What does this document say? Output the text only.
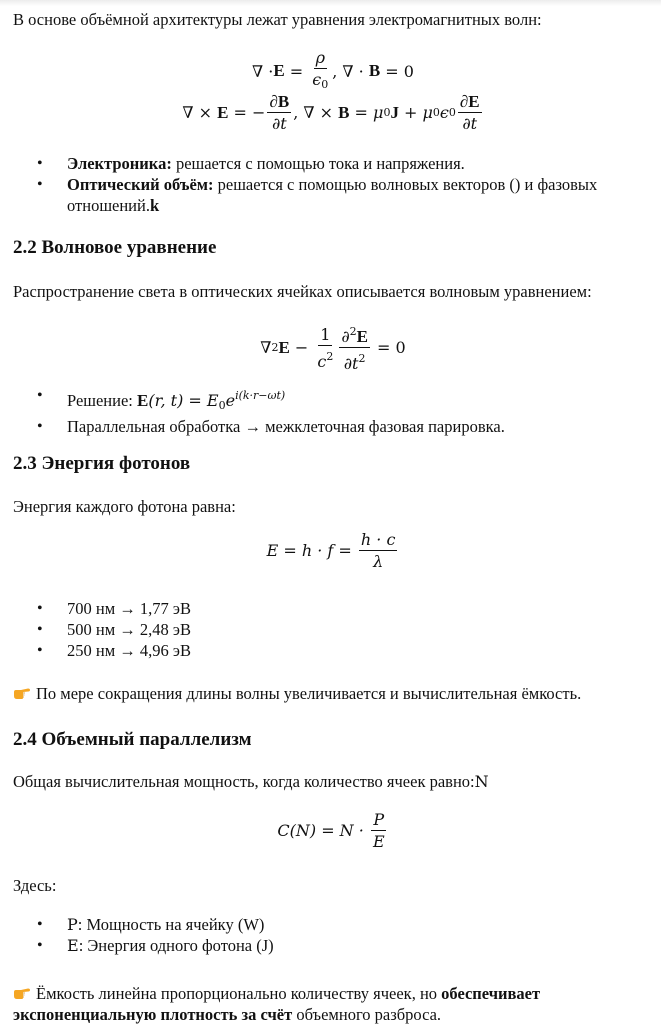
В основе объёмной архитектуры лежат уравнения электромагнитных волн:

∇ · $E = \frac{\rho}{\epsilon_0}$ , ∇ · B = 0
∇ × E = − $\frac{\partial B}{\partial t}$ , ∇ × B = μ 0 J + μ 0 ϵ $0 \frac{\partial E}{\partial t}$
• Электроника: решается с помощью тока и напряжения.
• Оптический объём: решается с помощью волновых векторов () и фазовых отношений.k
2.2 Волновое уравнение

Распространение света в оптических ячейках описывается волновым уравнением:

∇ 2 $E - \frac{1}{c^2} \frac{\partial^2E}{\partial t^2} = 0$
• Решение: E(r, $t) = E_0e^{i(k\cdot r-\omega t)}$
• Параллельная обработка → межклеточная фазовая парировка.
2.3 Энергия фотонов

Энергия каждого фотона равна:

$E = h \cdot f = \frac{h \cdot c}{\lambda}$
• 700 нм → 1,77 эВ
• 500 нм → 2,48 эВ
• 250 нм → 4,96 эВ

По мере сокращения длины волны увеличивается и вычислительная ёмкость.

2.4 Объемный параллелизм

Общая вычислительная мощность, когда количество ячеек равно:N

$C(N) = N \cdot \frac{P}{E}$

Здесь:

• P: Мощность на ячейку (W)
• E: Энергия одного фотона (J)

Ёмкость линейна пропорционально количеству ячеек, но обеспечивает экспоненциальную плотность за счёт объемного разброса.
